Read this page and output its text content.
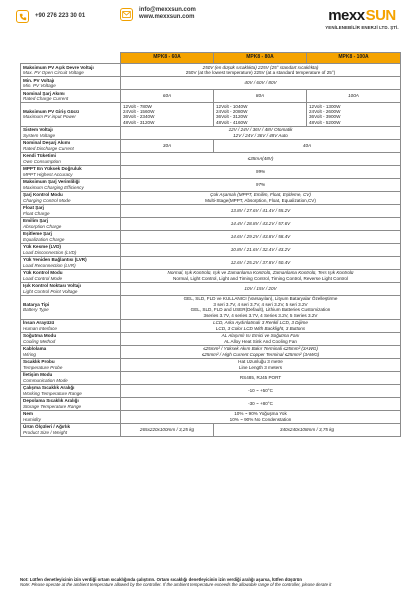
+90 276 223 30 01
info@mexxsun.com
www.mexxsun.com	mexx SUN
YENİLENEBİLİR ENERJİ LTD. ŞTİ.
	MPK8 - 60A	MPK8 - 80A	MPK8 - 100A

Maksimum PV Açık Devre Voltajı
Max. PV Open Circuit Voltage	250V (en düşük sıcaklıkta) 225V (25° standart sıcaklıkta)
250V (at the lowest temperature) 225V (at a standard temperature of 25°)		

Min. PV Voltajı
Min. PV Voltage	40V / 60V / 80V		

Nominal Şarj Akımı
Rated Charge Current	60A	80A	100A

Maksimum PV Giriş Gücü
Maximum PV input Power	12Volt - 780W
24Volt - 1560W
36Volt - 2340W
48Volt - 3120W	12Volt - 1040W
24Volt - 2080W
36Volt - 3120W
48Volt - 4160W	12Volt - 1300W
24Volt - 2600W
36Volt - 3900W
48Volt - 5200W

Sistem Voltajı
System Voltage	12V / 24V / 36V / 48V Otomatik
12V / 24V / 36V / 48V Auto		

Nominal Deşarj Akımı
Rated Discharge Current	30A	40A	

Kendi Tüketimi
Own Consumption	≤35mA(48V)		

MPPT En Yüksek Doğruluk
MPPT Highest Accuracy	99%		

Maksimum Şarj Verimliliği
Maximum Charging Efficiency	97%		

Şarj Kontrol Modu
Charging Control Mode	Çok Aşamalı (MPPT, Emilim, Float, Eşitleme, CV)
Multi-Stage(MPPT, Absorption, Float, Equalization,CV)		

Float Şarj
Float Charge	13.8V / 27.6V / 41.4V / 55.2V		

Emilim Şarj
Absorption Charge	14.4V / 28.8V / 43.2V / 57.6V		

Eşitleme Şarj
Equalization Charge	14.6V / 29.2V / 43.8V / 58.4V		

Yük Kesme (LVD)
Load Disconnection (LVD)	10.8V / 21.6V / 32.4V / 43.2V		

Yük Yeniden Bağlantısı (LVR)
Load Reconnection (LVR)	12.6V / 25.2V / 37.8V / 50.4V		

Yük Kontrol Modu
Load Control Mode	Normal, Işık Kontrolü, Işık ve Zamanlama Kontrolü, Zamanlama Kontrolü, Ters Işık Kontrolü
Normal, Light Control, Light and Timing Control, Timing Control, Reverse Light Control		

Işık Kontrol Noktası Voltajı
Light Control Point Voltage	10V / 15V / 20V		

Batarya Tipi
Battery Type	GEL, SLD, FLD ve KULLANICI (Varsayılan), Lityum Bataryalar Özelleştirme
3 seri 3.7V, 4 seri 3.7V, 4 seri 3.2V, 5 seri 3.2V
GEL, SLD, FLD and USER(Default), Lithium Batteries Customization
3series 3.7V, 4 series 3.7V, 4 Series 3.2V, 5 Series 3.2V		

İnsan Arayüzü
Human Interface	LCD, Arka Aydınlatmalı 3 Renkli LCD, 3 Dijime
LCD, 3 Color LCD With Backlight, 3 Buttons		

Soğutma Modu
Cooling Method	AL Alaşımlı Isı Emici ve Soğutma Fanı
AL Alloy Heat Sink And Cooling Fan		

Kablolama
Wiring	≤25mm² / Yüksek Akım Bakır Terminali ≤25mm² (3AWG)
≤25mm² / High Current Copper Terminal ≤25mm² (3AWG)		

Sıcaklık Probu
Temperature Probe	Hat Uzunluğu 3 metre
Line Length 3 meters		

İletişim Modu
Communication Mode	RS485, RJ45 PORT		

Çalışma Sıcaklık Aralığı
Working Temperature Range	-10 ~ +50°C		

Depolama Sıcaklık Aralığı
Storage Temperature Range	-30 ~ +80°C		

Nem
Humidity	10% ~ 90% Yoğuşma Yok
10% ~ 90% No Condenstation		

Ürün Ölçüleri / Ağırlık
Product Size / Weight	265x220x100mm / 3,25 kg	340x240x108mm / 3,75 kg	
Not: Lütfen denetleyicinin izin verdiği ortam sıcaklığında çalıştırın. Ortam sıcaklığı denetleyicinin izin verdiği aralığı aşarsa, lütfen düşürün
Note: Please operate at the ambient temperature allowed by the controller. If the ambient temperature exceeds the allowable range of the controller, please derate it
